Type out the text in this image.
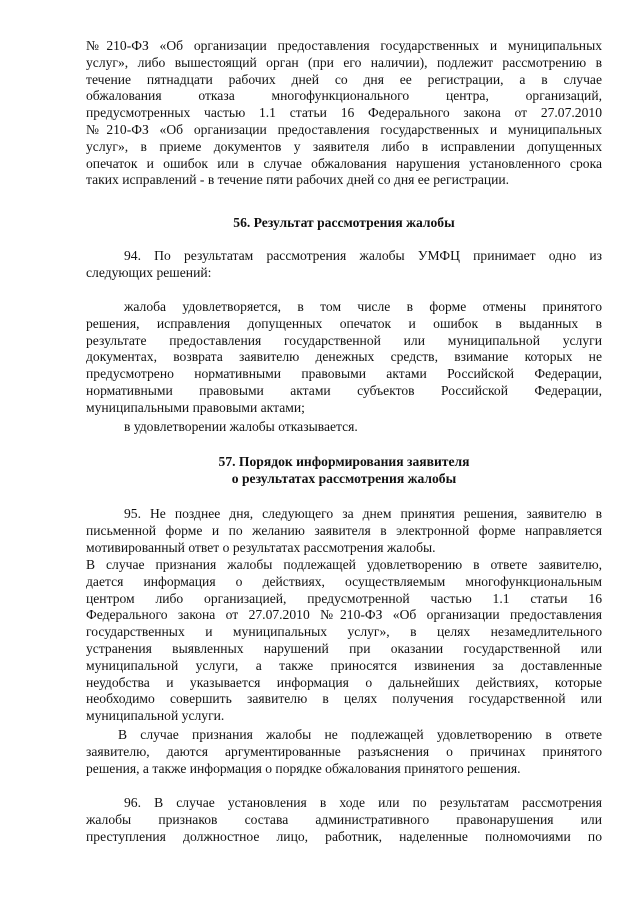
№210-ФЗ «Об организации предоставления государственных и муниципальных

услуг», либо вышестоящий орган (при его наличии), подлежит рассмотрению в

течение пятнадцати рабочих дней со дня ее регистрации, а в случае

обжалования отказа многофункционального центра, организаций,

предусмотренных частью 1.1 статьи 16 Федерального закона от 27.07.2010

№210-ФЗ «Об организации предоставления государственных и муниципальных

услуг», в приеме документов у заявителя либо в исправлении допущенных

опечаток и ошибок или в случае обжалования нарушения установленного срока

таких исправлений - в течение пяти рабочих дней со дня ее регистрации.

56. Результат рассмотрения жалобы

94. По результатам рассмотрения жалобы УМФЦ принимает одно из

следующих решений:

жалоба удовлетворяется, в том числе в форме отмены принятого

решения, исправления допущенных опечаток и ошибок в выданных в

результате предоставления государственной или муниципальной услуги

документах, возврата заявителю денежных средств, взимание которых не

предусмотрено нормативными правовыми актами Российской Федерации,

нормативными правовыми актами субъектов Российской Федерации,

муниципальными правовыми актами;

в удовлетворении жалобы отказывается.

57. Порядок информирования заявителя
о результатах рассмотрения жалобы

95. Не позднее дня, следующего за днем принятия решения, заявителю в

письменной форме и по желанию заявителя в электронной форме направляется

мотивированный ответ о результатах рассмотрения жалобы.

В случае признания жалобы подлежащей удовлетворению в ответе заявителю,

дается информация о действиях, осуществляемым многофункциональным

центром либо организацией, предусмотренной частью 1.1 статьи 16

Федерального закона от 27.07.2010 №210-ФЗ «Об организации предоставления

государственных и муниципальных услуг», в целях незамедлительного

устранения выявленных нарушений при оказании государственной или

муниципальной услуги, а также приносятся извинения за доставленные

неудобства и указывается информация о дальнейших действиях, которые

необходимо совершить заявителю в целях получения государственной или

муниципальной услуги.

В случае признания жалобы не подлежащей удовлетворению в ответе

заявителю, даются аргументированные разъяснения о причинах принятого

решения, а также информация о порядке обжалования принятого решения.

96. В случае установления в ходе или по результатам рассмотрения

жалобы признаков состава административного правонарушения или

преступления должностное лицо, работник, наделенные полномочиями по
